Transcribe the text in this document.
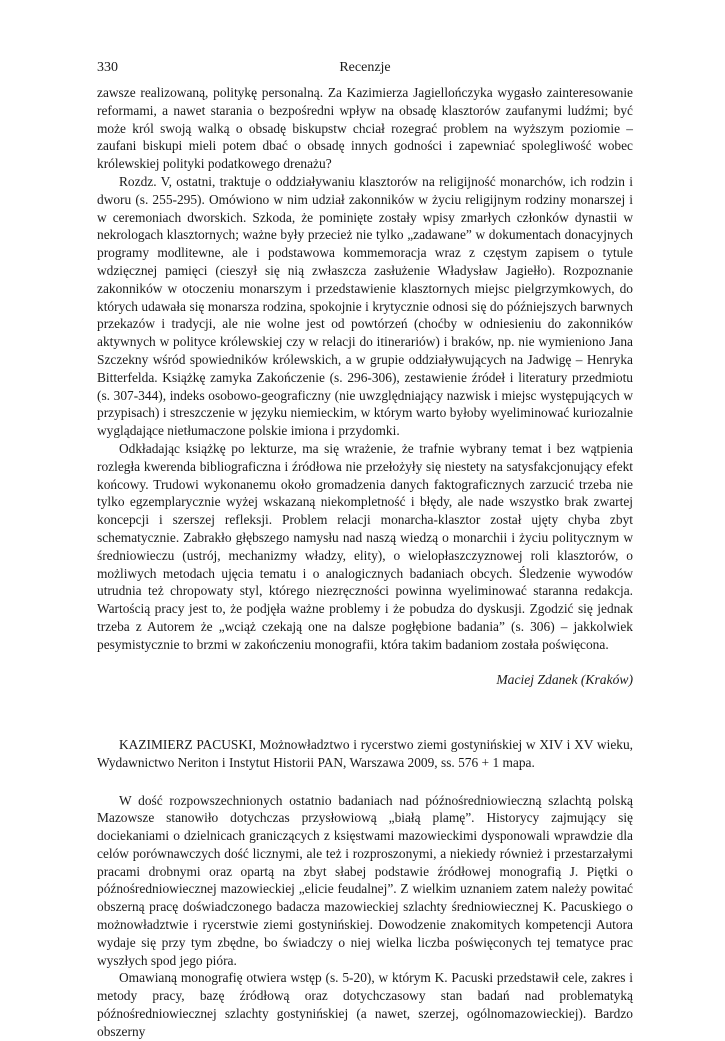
330	Recenzje

zawsze realizowaną, politykę personalną. Za Kazimierza Jagiellończyka wygasło zainteresowanie reformami, a nawet starania o bezpośredni wpływ na obsadę klasztorów zaufanymi ludźmi; być może król swoją walką o obsadę biskupstw chciał rozegrać problem na wyższym poziomie – zaufani biskupi mieli potem dbać o obsadę innych godności i zapewniać spolegliwość wobec królewskiej polityki podatkowego drenażu?

Rozdz. V, ostatni, traktuje o oddziaływaniu klasztorów na religijność monarchów, ich rodzin i dworu (s. 255-295). Omówiono w nim udział zakonników w życiu religijnym rodziny monarszej i w ceremoniach dworskich. Szkoda, że pominięte zostały wpisy zmarłych członków dynastii w nekrologach klasztornych; ważne były przecież nie tylko „zadawane” w dokumentach donacyjnych programy modlitewne, ale i podstawowa kommemoracja wraz z częstym zapisem o tytule wdzięcznej pamięci (cieszył się nią zwłaszcza zasłużenie Władysław Jagiełło). Rozpoznanie zakonników w otoczeniu monarszym i przedstawienie klasztornych miejsc pielgrzymkowych, do których udawała się monarsza rodzina, spokojnie i krytycznie odnosi się do późniejszych barwnych przekazów i tradycji, ale nie wolne jest od powtórzeń (choćby w odniesieniu do zakonników aktywnych w polityce królewskiej czy w relacji do itinerariów) i braków, np. nie wymieniono Jana Szczekny wśród spowiedników królewskich, a w grupie oddziaływujących na Jadwigę – Henryka Bitterfelda. Książkę zamyka Zakończenie (s. 296-306), zestawienie źródeł i literatury przedmiotu (s. 307-344), indeks osobowo-geograficzny (nie uwzględniający nazwisk i miejsc występujących w przypisach) i streszczenie w języku niemieckim, w którym warto byłoby wyeliminować kuriozalnie wyglądające nietłumaczone polskie imiona i przydomki.

Odkładając książkę po lekturze, ma się wrażenie, że trafnie wybrany temat i bez wątpienia rozległa kwerenda bibliograficzna i źródłowa nie przełożyły się niestety na satysfakcjonujący efekt końcowy. Trudowi wykonanemu około gromadzenia danych faktograficznych zarzucić trzeba nie tylko egzemplarycznie wyżej wskazaną niekompletność i błędy, ale nade wszystko brak zwartej koncepcji i szerszej refleksji. Problem relacji monarcha-klasztor został ujęty chyba zbyt schematycznie. Zabrakło głębszego namysłu nad naszą wiedzą o monarchii i życiu politycznym w średniowieczu (ustrój, mechanizmy władzy, elity), o wielopłaszczyznowej roli klasztorów, o możliwych metodach ujęcia tematu i o analogicznych badaniach obcych. Śledzenie wywodów utrudnia też chropowaty styl, którego niezręczności powinna wyeliminować staranna redakcja. Wartością pracy jest to, że podjęła ważne problemy i że pobudza do dyskusji. Zgodzić się jednak trzeba z Autorem że „wciąż czekają one na dalsze pogłębione badania” (s. 306) – jakkolwiek pesymistycznie to brzmi w zakończeniu monografii, która takim badaniom została poświęcona.

Maciej Zdanek (Kraków)

KAZIMIERZ PACUSKI, Możnowładztwo i rycerstwo ziemi gostynińskiej w XIV i XV wieku, Wydawnictwo Neriton i Instytut Historii PAN, Warszawa 2009, ss. 576 + 1 mapa.

W dość rozpowszechnionych ostatnio badaniach nad późnośredniowieczną szlachtą polską Mazowsze stanowiło dotychczas przysłowiową „białą plamę”. Historycy zajmujący się dociekaniami o dzielnicach graniczących z księstwami mazowieckimi dysponowali wprawdzie dla celów porównawczych dość licznymi, ale też i rozproszonymi, a niekiedy również i przestarzałymi pracami drobnymi oraz opartą na zbyt słabej podstawie źródłowej monografią J. Piętki o późnośredniowiecznej mazowieckiej „elicie feudalnej”. Z wielkim uznaniem zatem należy powitać obszerną pracę doświadczonego badacza mazowieckiej szlachty średniowiecznej K. Pacuskiego o możnowładztwie i rycerstwie ziemi gostynińskiej. Dowodzenie znakomitych kompetencji Autora wydaje się przy tym zbędne, bo świadczy o niej wielka liczba poświęconych tej tematyce prac wyszłych spod jego pióra.

Omawianą monografię otwiera wstęp (s. 5-20), w którym K. Pacuski przedstawił cele, zakres i metody pracy, bazę źródłową oraz dotychczasowy stan badań nad problematyką późnośredniowiecznej szlachty gostynińskiej (a nawet, szerzej, ogólnomazowieckiej). Bardzo obszerny
